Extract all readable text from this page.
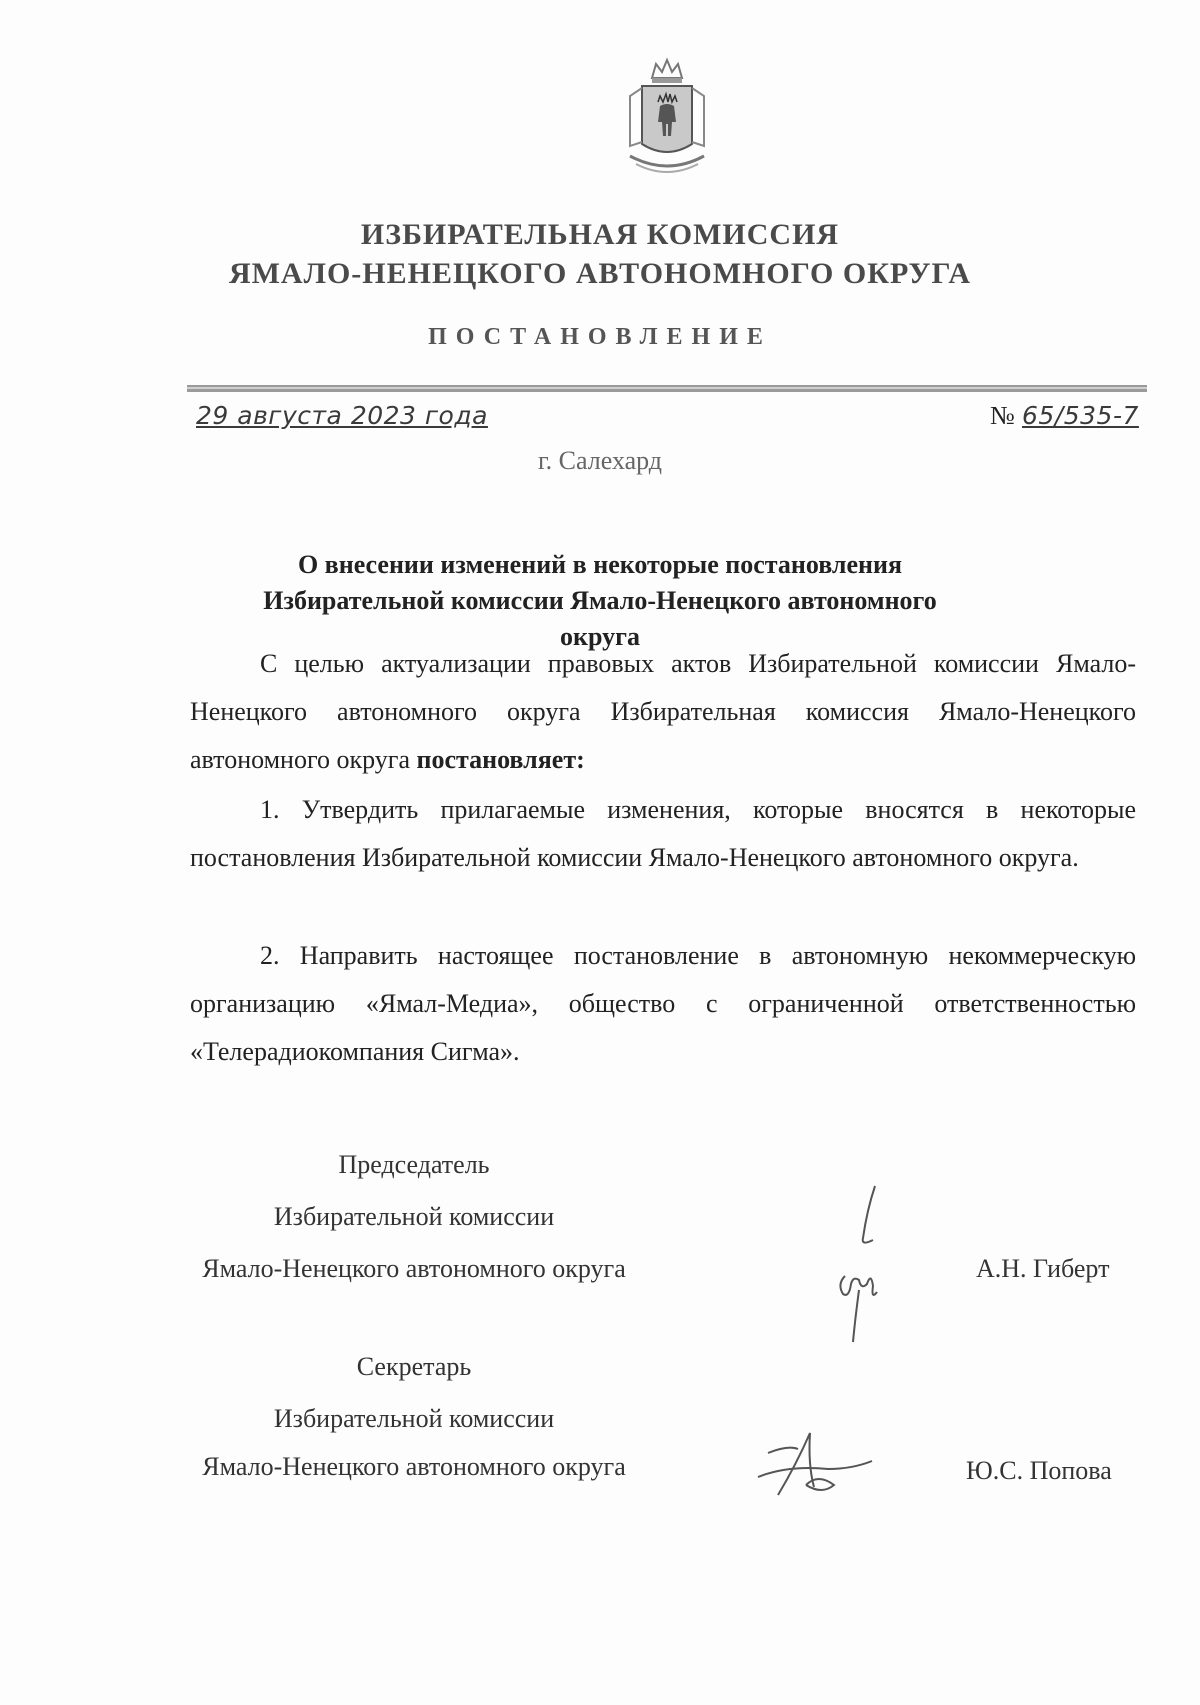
ИЗБИРАТЕЛЬНАЯ КОМИССИЯ
ЯМАЛО-НЕНЕЦКОГО АВТОНОМНОГО ОКРУГА
ПОСТАНОВЛЕНИЕ
29 августа 2023 года	№ 65/535-7
г. Салехард
О внесении изменений в некоторые постановления
Избирательной комиссии Ямало-Ненецкого автономного округа
С целью актуализации правовых актов Избирательной комиссии Ямало-Ненецкого автономного округа Избирательная комиссия Ямало-Ненецкого автономного округа постановляет:
1. Утвердить прилагаемые изменения, которые вносятся в некоторые постановления Избирательной комиссии Ямало-Ненецкого автономного округа.
2. Направить настоящее постановление в автономную некоммерческую организацию «Ямал-Медиа», общество с ограниченной ответственностью «Телерадиокомпания Сигма».
Председатель
Избирательной комиссии
Ямало-Ненецкого автономного округа	А.Н. Гиберт
Секретарь
Избирательной комиссии
Ямало-Ненецкого автономного округа	Ю.С. Попова
